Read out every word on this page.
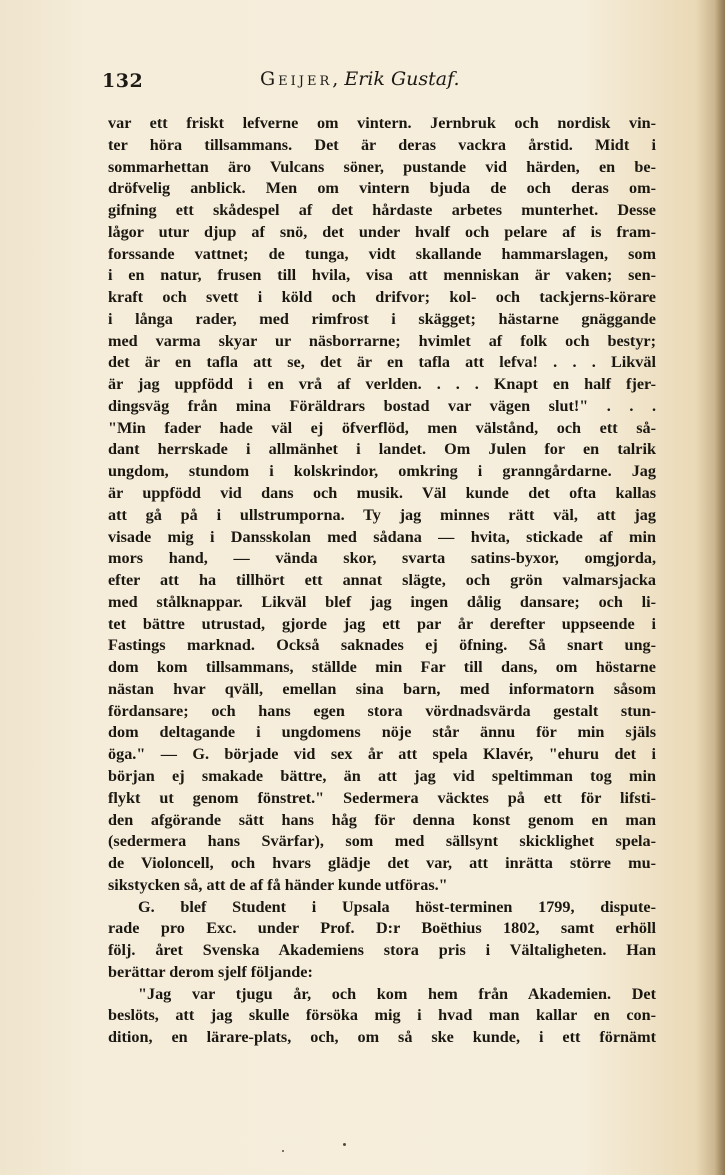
132	Geijer, Erik Gustaf.
var ett friskt lefverne om vintern. Jernbruk och nordisk vin-
ter höra tillsammans. Det är deras vackra årstid. Midt i
sommarhettan äro Vulcans söner, pustande vid härden, en be-
dröfvelig anblick. Men om vintern bjuda de och deras om-
gifning ett skådespel af det hårdaste arbetes munterhet. Desse
lågor utur djup af snö, det under hvalf och pelare af is fram-
forssande vattnet; de tunga, vidt skallande hammarslagen, som
i en natur, frusen till hvila, visa att menniskan är vaken; sen-
kraft och svett i köld och drifvor; kol- och tackjerns-körare
i långa rader, med rimfrost i skägget; hästarne gnäggande
med varma skyar ur näsborrarne; hvimlet af folk och bestyr;
det är en tafla att se, det är en tafla att lefva! . . . Likväl
är jag uppfödd i en vrå af verlden. . . . Knapt en half fjer-
dingsväg från mina Föräldrars bostad var vägen slut!" . . .
"Min fader hade väl ej öfverflöd, men välstånd, och ett så-
dant herrskade i allmänhet i landet. Om Julen for en talrik
ungdom, stundom i kolskrindor, omkring i granngårdarne. Jag
är uppfödd vid dans och musik. Väl kunde det ofta kallas
att gå på i ullstrumporna. Ty jag minnes rätt väl, att jag
visade mig i Dansskolan med sådana — hvita, stickade af min
mors hand, — vända skor, svarta satins-byxor, omgjorda,
efter att ha tillhört ett annat slägte, och grön valmarsjacka
med stålknappar. Likväl blef jag ingen dålig dansare; och li-
tet bättre utrustad, gjorde jag ett par år derefter uppseende i
Fastings marknad. Också saknades ej öfning. Så snart ung-
dom kom tillsammans, ställde min Far till dans, om höstarne
nästan hvar qväll, emellan sina barn, med informatorn såsom
fördansare; och hans egen stora vördnadsvärda gestalt stun-
dom deltagande i ungdomens nöje står ännu för min själs
öga." — G. började vid sex år att spela Klavér, "ehuru det i
början ej smakade bättre, än att jag vid speltimman tog min
flykt ut genom fönstret." Sedermera väcktes på ett för lifsti-
den afgörande sätt hans håg för denna konst genom en man
(sedermera hans Svärfar), som med sällsynt skicklighet spela-
de Violoncell, och hvars glädje det var, att inrätta större mu-
sikstycken så, att de af få händer kunde utföras."
G. blef Student i Upsala höst-terminen 1799, dispute-
rade pro Exc. under Prof. D:r Boëthius 1802, samt erhöll
följ. året Svenska Akademiens stora pris i Vältaligheten. Han
berättar derom sjelf följande:
"Jag var tjugu år, och kom hem från Akademien. Det
beslöts, att jag skulle försöka mig i hvad man kallar en con-
dition, en lärare-plats, och, om så ske kunde, i ett förnämt
